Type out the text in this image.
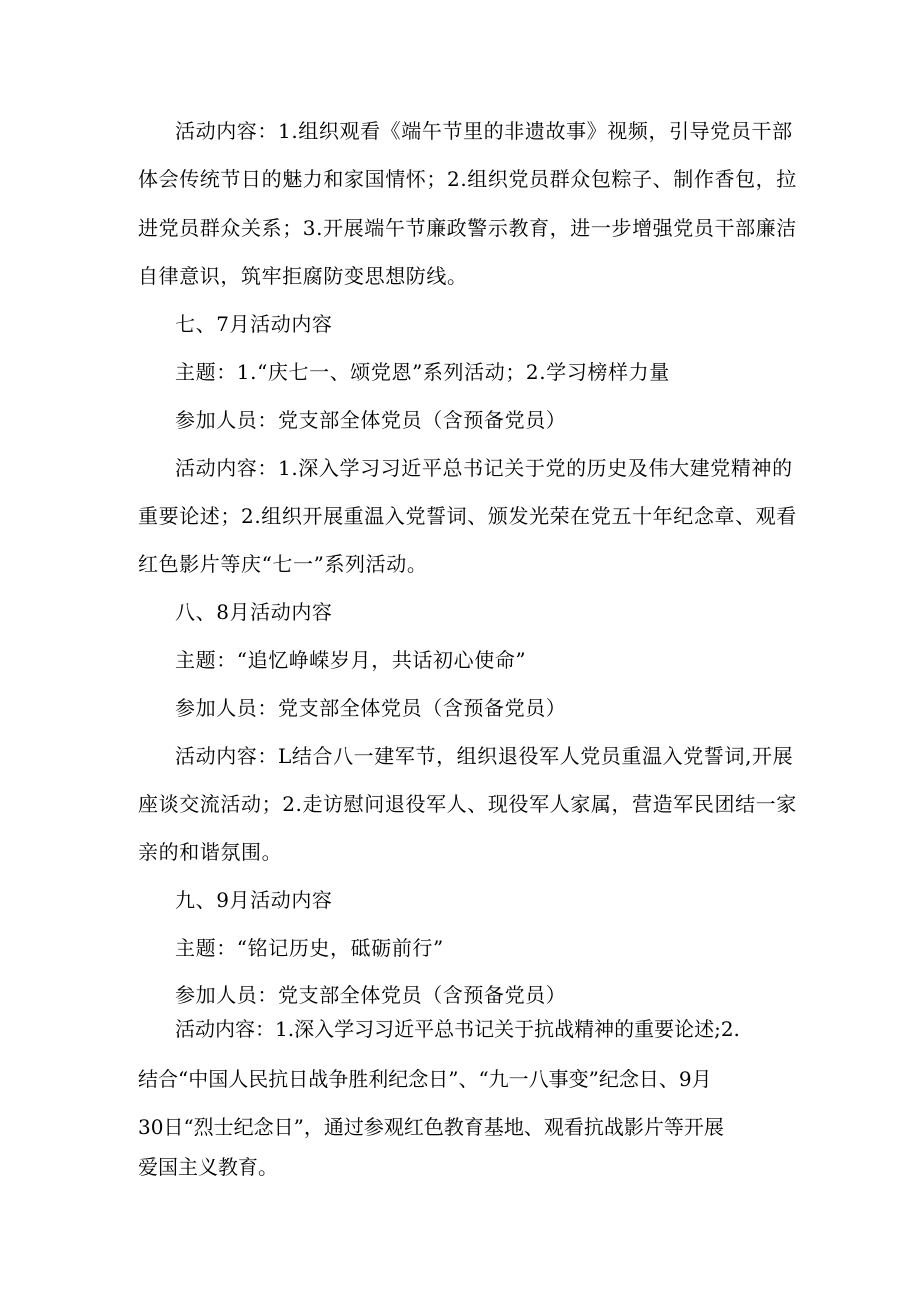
活动内容：1.组织观看《端午节里的非遗故事》视频，引导党员干部
体会传统节日的魅力和家国情怀；2.组织党员群众包粽子、制作香包，拉
进党员群众关系；3.开展端午节廉政警示教育，进一步增强党员干部廉洁
自律意识，筑牢拒腐防变思想防线。
七、7月活动内容
主题：1.“庆七一、颂党恩”系列活动；2.学习榜样力量
参加人员：党支部全体党员（含预备党员）
活动内容：1.深入学习习近平总书记关于党的历史及伟大建党精神的
重要论述；2.组织开展重温入党誓词、颁发光荣在党五十年纪念章、观看
红色影片等庆“七一”系列活动。
八、8月活动内容
主题：“追忆峥嵘岁月，共话初心使命”
参加人员：党支部全体党员（含预备党员）
活动内容：L结合八一建军节，组织退役军人党员重温入党誓词,开展
座谈交流活动；2.走访慰问退役军人、现役军人家属，营造军民团结一家
亲的和谐氛围。
九、9月活动内容
主题：“铭记历史，砥砺前行”
参加人员：党支部全体党员（含预备党员）
活动内容：1.深入学习习近平总书记关于抗战精神的重要论述;2.
结合“中国人民抗日战争胜利纪念日”、“九一八事变”纪念日、9月
30日“烈士纪念日”，通过参观红色教育基地、观看抗战影片等开展
爱国主义教育。
